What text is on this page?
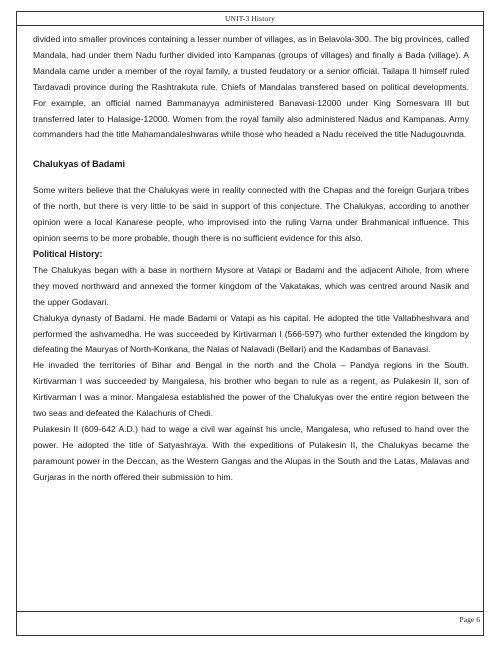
UNIT-3 History

divided into smaller provinces containing a lesser number of villages, as in Belavola-300. The big provinces, called Mandala, had under them Nadu further divided into Kampanas (groups of villages) and finally a Bada (village). A Mandala came under a member of the royal family, a trusted feudatory or a senior official. Tailapa II himself ruled Tardavadi province during the Rashtrakuta rule. Chiefs of Mandalas transfered based on political developments. For example, an official named Bammanayya administered Banavasi-12000 under King Somesvara III but transferred later to Halasige-12000. Women from the royal family also administered Nadus and Kampanas. Army commanders had the title Mahamandaleshwaras while those who headed a Nadu received the title Nadugouvnda.

Chalukyas of Badami

Some writers believe that the Chalukyas were in reality connected with the Chapas and the foreign Gurjara tribes of the north, but there is very little to be said in support of this conjecture. The Chalukyas, according to another opinion were a local Kanarese people, who improvised into the ruling Varna under Brahmanical influence. This opinion seems to be more probable, though there is no sufficient evidence for this also.

Political History:

The Chalukyas began with a base in northern Mysore at Vatapi or Badami and the adjacent Aihole, from where they moved northward and annexed the former kingdom of the Vakatakas, which was centred around Nasik and the upper Godavari.

Chalukya dynasty of Badami. He made Badami or Vatapi as his capital. He adopted the title Vallabheshvara and performed the ashvamedha. He was succeeded by Kirtivarman I (566-597) who further extended the kingdom by defeating the Mauryas of North-Konkana, the Nalas of Nalavadi (Bellari) and the Kadambas of Banavasi.

He invaded the territories of Bihar and Bengal in the north and the Chola – Pandya regions in the South. Kirtivarman I was succeeded by Mangalesa, his brother who began to rule as a regent, as Pulakesin II, son of Kirtivarman I was a minor. Mangalesa established the power of the Chalukyas over the entire region between the two seas and defeated the Kalachuris of Chedi.

Pulakesin II (609-642 A.D.) had to wage a civil war against his uncle, Mangalesa, who refused to hand over the power. He adopted the title of Satyashraya. With the expeditions of Pulakesin II, the Chalukyas became the paramount power in the Deccan, as the Western Gangas and the Alupas in the South and the Latas, Malavas and Gurjaras in the north offered their submission to him.

Page 6
